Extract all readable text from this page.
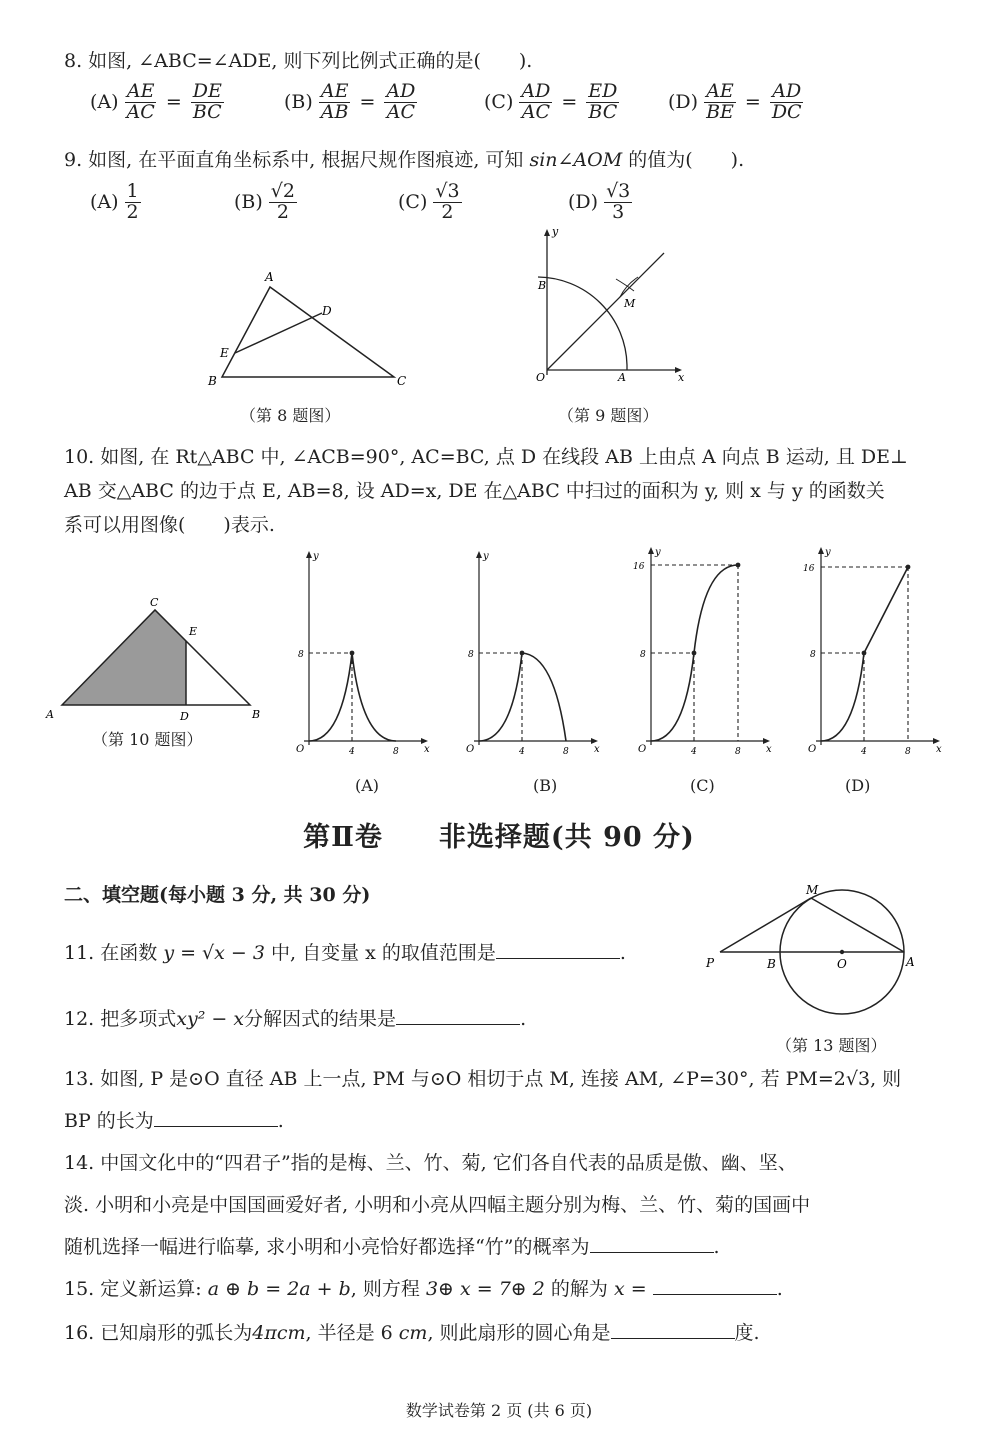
8. 如图, ∠ABC=∠ADE, 则下列比例式正确的是(　　).
$(A) \frac{AE}{AC} = \frac{DE}{BC}$	$(B) \frac{AE}{AB} = \frac{AD}{AC}$	$(C) \frac{AD}{AC} = \frac{ED}{BC}$	$(D) \frac{AE}{BE} = \frac{AD}{DC}$
9. 如图, 在平面直角坐标系中, 根据尺规作图痕迹, 可知 sin∠AOM 的值为(　　).
$(A) \frac{1}{2}$	$(B) \frac{√2}{2}$	$(C) \frac{√3}{2}$	$(D) \frac{√3}{3}$
A
B	C
D
E
（第 8 题图）
y
x
O	A
B
M
（第 9 题图）
10. 如图, 在 Rt△ABC 中, ∠ACB=90°, AC=BC, 点 D 在线段 AB 上由点 A 向点 B 运动, 且 DE⊥
AB 交△ABC 的边于点 E, AB=8, 设 AD=x, DE 在△ABC 中扫过的面积为 y, 则 x 与 y 的函数关
系可以用图像(　　)表示.
C
E
A	D	B
（第 10 题图）
y
x
O	4	8
8
(A)
y
x
O	4	8
8
(B)
y
x
O	4	8
8
16
(C)
y
x
O	4	8
8
16
(D)
第Ⅱ卷　　非选择题(共 90 分)
二、填空题(每小题 3 分, 共 30 分)
11. 在函数 y = √x − 3 中, 自变量 x 的取值范围是	.
12. 把多项式xy² − x分解因式的结果是	.
M
P	B	O	A
（第 13 题图）
13. 如图, P 是⊙O 直径 AB 上一点, PM 与⊙O 相切于点 M, 连接 AM, ∠P=30°, 若 PM=2√3, 则
BP 的长为	.
14. 中国文化中的“四君子”指的是梅、兰、竹、菊, 它们各自代表的品质是傲、幽、坚、
淡. 小明和小亮是中国国画爱好者, 小明和小亮从四幅主题分别为梅、兰、竹、菊的国画中
随机选择一幅进行临摹, 求小明和小亮恰好都选择“竹”的概率为	.
15. 定义新运算: a ⊕ b = 2a + b, 则方程 3⊕ x = 7⊕ 2 的解为 x =	.
16. 已知扇形的弧长为4πcm, 半径是 6 cm, 则此扇形的圆心角是	度.
数学试卷第 2 页 (共 6 页)
